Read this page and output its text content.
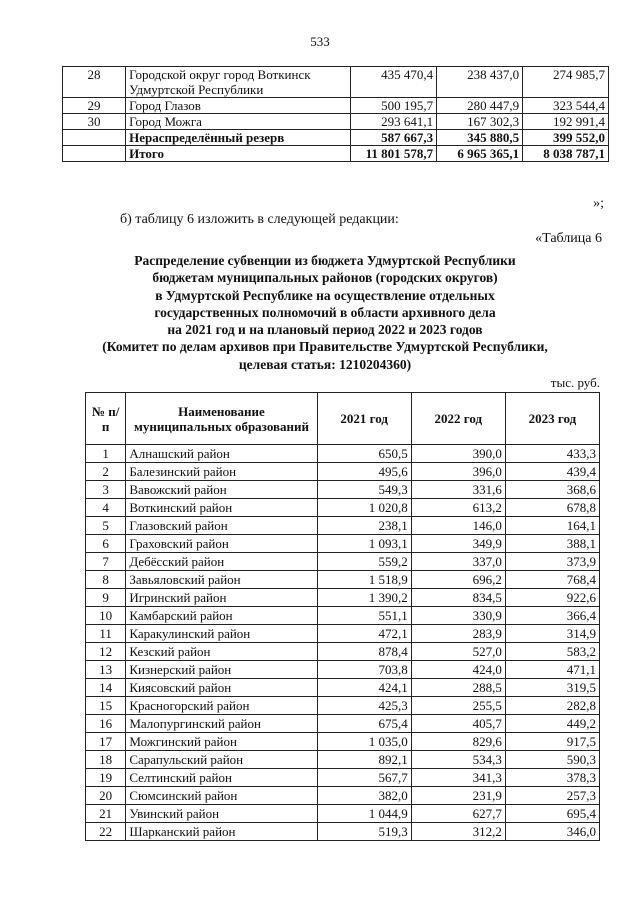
533
28	Городской округ город Воткинск Удмуртской Республики	435 470,4	238 437,0	274 985,7
29	Город Глазов	500 195,7	280 447,9	323 544,4
30	Город Можга	293 641,1	167 302,3	192 991,4
	Нераспределённый резерв	587 667,3	345 880,5	399 552,0
	Итого	11 801 578,7	6 965 365,1	8 038 787,1
»;
б) таблицу 6 изложить в следующей редакции:
«Таблица 6
Распределение субвенции из бюджета Удмуртской Республики
бюджетам муниципальных районов (городских округов)
в Удмуртской Республике на осуществление отдельных
государственных полномочий в области архивного дела
на 2021 год и на плановый период 2022 и 2023 годов
(Комитет по делам архивов при Правительстве Удмуртской Республики,
целевая статья: 1210204360)
тыс. руб.
№ п/п	Наименование муниципальных образований	2021 год	2022 год	2023 год
1	Алнашский район	650,5	390,0	433,3
2	Балезинский район	495,6	396,0	439,4
3	Вавожский район	549,3	331,6	368,6
4	Воткинский район	1 020,8	613,2	678,8
5	Глазовский район	238,1	146,0	164,1
6	Граховский район	1 093,1	349,9	388,1
7	Дебёсский район	559,2	337,0	373,9
8	Завьяловский район	1 518,9	696,2	768,4
9	Игринский район	1 390,2	834,5	922,6
10	Камбарский район	551,1	330,9	366,4
11	Каракулинский район	472,1	283,9	314,9
12	Кезский район	878,4	527,0	583,2
13	Кизнерский район	703,8	424,0	471,1
14	Киясовский район	424,1	288,5	319,5
15	Красногорский район	425,3	255,5	282,8
16	Малопургинский район	675,4	405,7	449,2
17	Можгинский район	1 035,0	829,6	917,5
18	Сарапульский район	892,1	534,3	590,3
19	Селтинский район	567,7	341,3	378,3
20	Сюмсинский район	382,0	231,9	257,3
21	Увинский район	1 044,9	627,7	695,4
22	Шарканский район	519,3	312,2	346,0
